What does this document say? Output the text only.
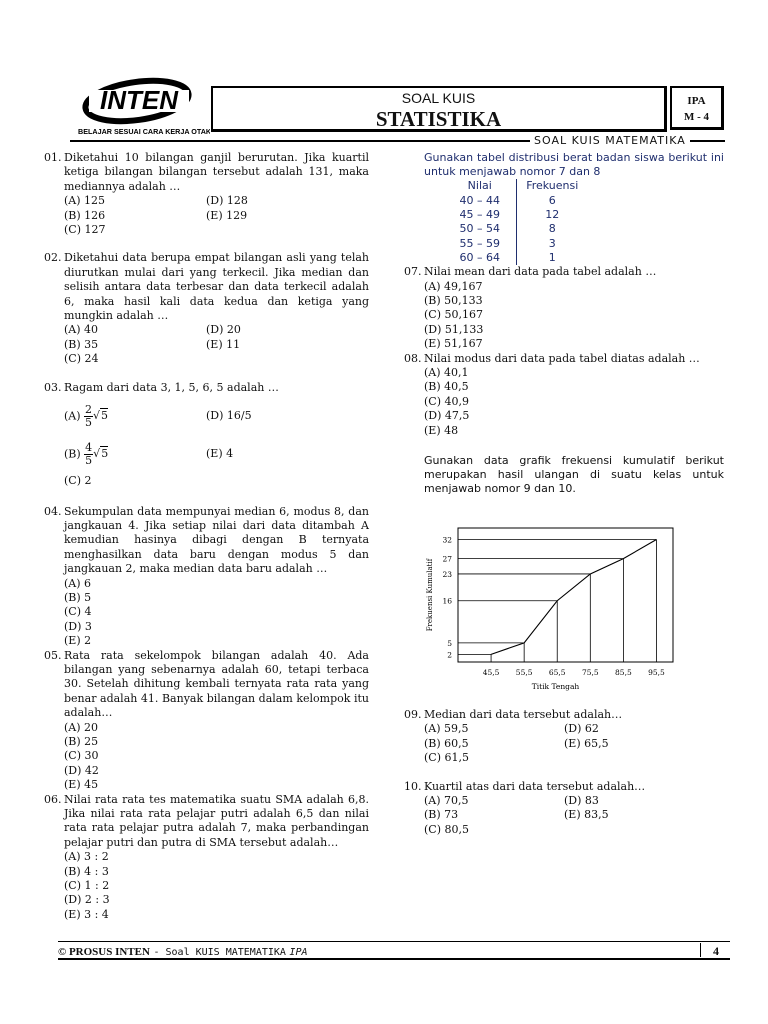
INTEN
BELAJAR SESUAI CARA KERJA OTAK
SOAL KUIS
STATISTIKA
IPA
M - 4
SOAL KUIS MATEMATIKA
01. Diketahui 10 bilangan ganjil berurutan. Jika kuartil ketiga bilangan bilangan tersebut adalah 131, maka mediannya adalah …
(A) 125	(D) 128
(B) 126	(E) 129
(C) 127
02. Diketahui data berupa empat bilangan asli yang telah diurutkan mulai dari yang terkecil. Jika median dan selisih antara data terbesar dan data terkecil adalah 6, maka hasil kali data kedua dan ketiga yang mungkin adalah …
(A) 40	(D) 20
(B) 35	(E) 11
(C) 24
03. Ragam dari data 3, 1, 5, 6, 5 adalah …
$(A) \frac{2}{5} √5$	(D) 16/5
$(B) \frac{4}{5} √5$	(E) 4
(C) 2
04. Sekumpulan data mempunyai median 6, modus 8, dan jangkauan 4. Jika setiap nilai dari data ditambah A kemudian hasinya dibagi dengan B ternyata menghasilkan data baru dengan modus 5 dan jangkauan 2, maka median data baru adalah …
(A) 6
(B) 5
(C) 4
(D) 3
(E) 2
05. Rata rata sekelompok bilangan adalah 40. Ada bilangan yang sebenarnya adalah 60, tetapi terbaca 30. Setelah dihitung kembali ternyata rata rata yang benar adalah 41. Banyak bilangan dalam kelompok itu adalah…
(A) 20
(B) 25
(C) 30
(D) 42
(E) 45
06. Nilai rata rata tes matematika suatu SMA adalah 6,8. Jika nilai rata rata pelajar putri adalah 6,5 dan nilai rata rata pelajar putra adalah 7, maka perbandingan pelajar putri dan putra di SMA tersebut adalah…
(A) 3 : 2
(B) 4 : 3
(C) 1 : 2
(D) 2 : 3
(E) 3 : 4
Gunakan tabel distribusi berat badan siswa berikut ini untuk menjawab nomor 7 dan 8
Nilai	Frekuensi
40 – 44	6
45 – 49	12
50 – 54	8
55 – 59	3
60 – 64	1
07. Nilai mean dari data pada tabel adalah …
(A) 49,167
(B) 50,133
(C) 50,167
(D) 51,133
(E) 51,167
08. Nilai modus dari data pada tabel diatas adalah …
(A) 40,1
(B) 40,5
(C) 40,9
(D) 47,5
(E) 48
Gunakan data grafik frekuensi kumulatif berikut merupakan hasil ulangan di suatu kelas untuk menjawab nomor 9 dan 10.
2
5
16
23
27
32
45,5 55,5 65,5 75,5 85,5 95,5
Titik Tengah
Frekuensi Kumulatif
09. Median dari data tersebut adalah…
(A) 59,5	(D) 62
(B) 60,5	(E) 65,5
(C) 61,5
10. Kuartil atas dari data tersebut adalah…
(A) 70,5	(D) 83
(B) 73	(E) 83,5
(C) 80,5
© PROSUS INTEN - Soal KUIS MATEMATIKA IPA	4
